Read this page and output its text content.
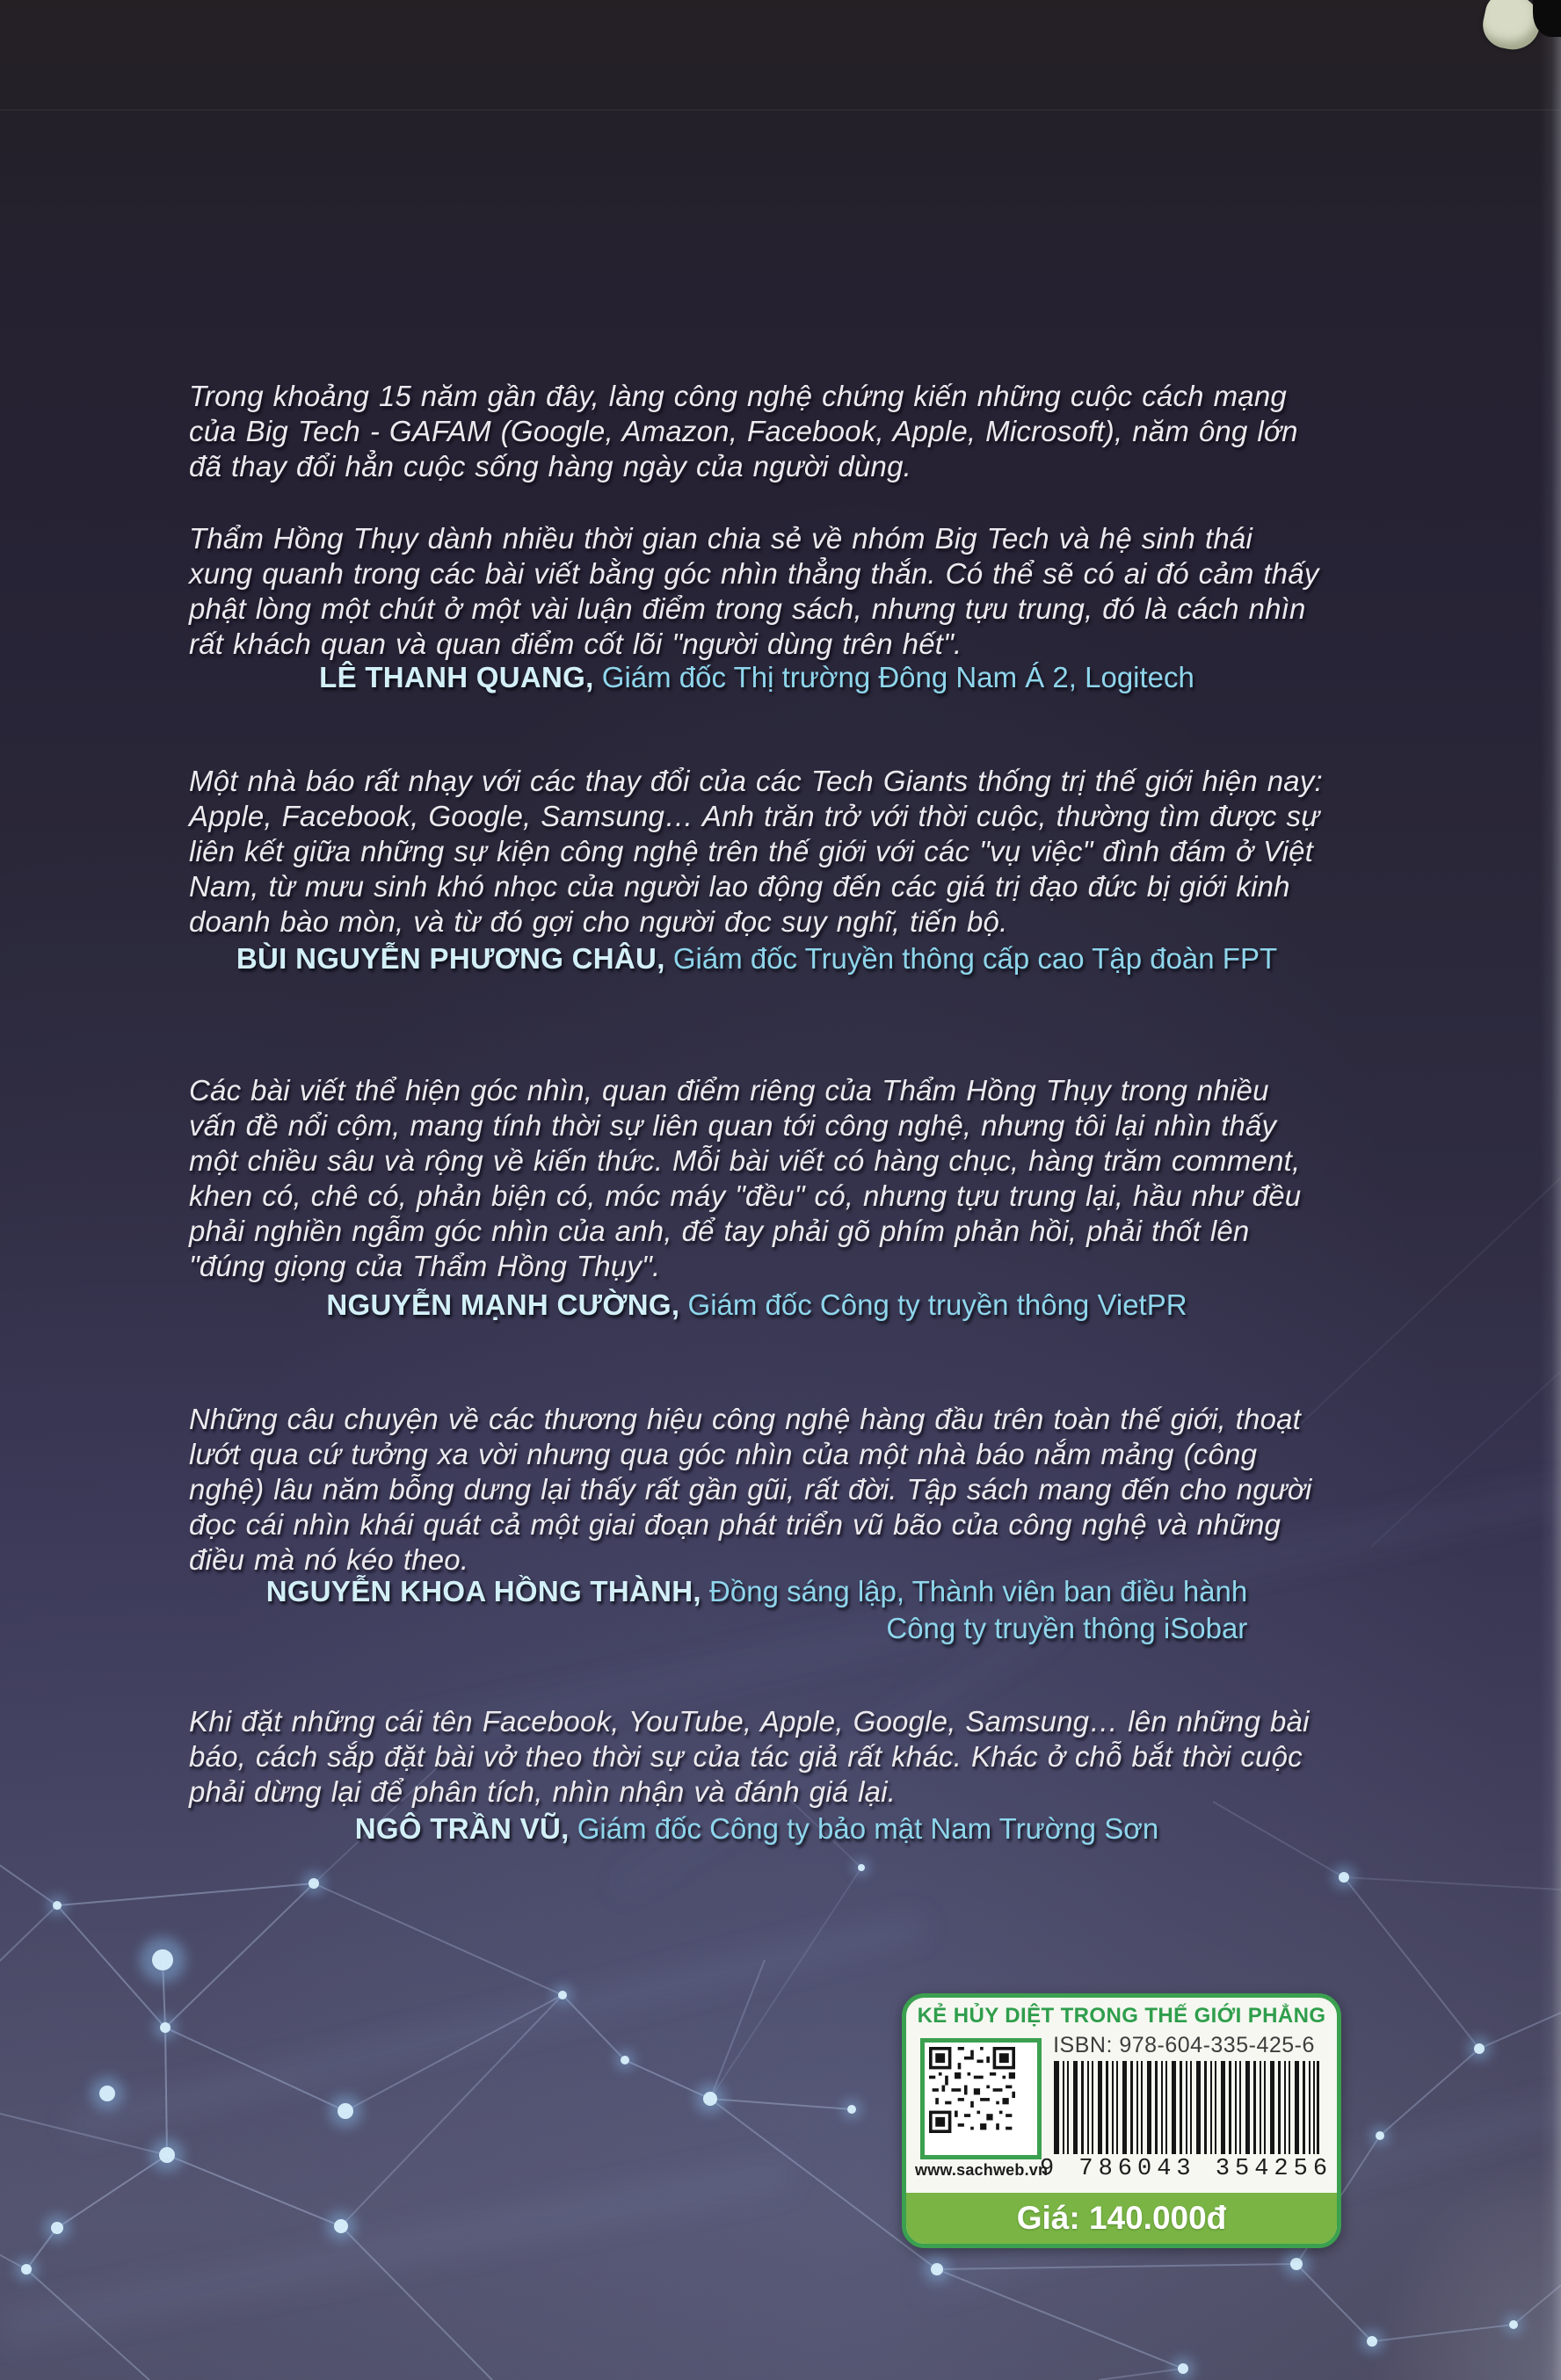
Trong khoảng 15 năm gần đây, làng công nghệ chứng kiến những cuộc cách mạng của Big Tech - GAFAM (Google, Amazon, Facebook, Apple, Microsoft), năm ông lớn đã thay đổi hẳn cuộc sống hàng ngày của người dùng.

Thẩm Hồng Thụy dành nhiều thời gian chia sẻ về nhóm Big Tech và hệ sinh thái xung quanh trong các bài viết bằng góc nhìn thẳng thắn. Có thể sẽ có ai đó cảm thấy phật lòng một chút ở một vài luận điểm trong sách, nhưng tựu trung, đó là cách nhìn rất khách quan và quan điểm cốt lõi "người dùng trên hết".

LÊ THANH QUANG, Giám đốc Thị trường Đông Nam Á 2, Logitech

Một nhà báo rất nhạy với các thay đổi của các Tech Giants thống trị thế giới hiện nay: Apple, Facebook, Google, Samsung… Anh trăn trở với thời cuộc, thường tìm được sự liên kết giữa những sự kiện công nghệ trên thế giới với các "vụ việc" đình đám ở Việt Nam, từ mưu sinh khó nhọc của người lao động đến các giá trị đạo đức bị giới kinh doanh bào mòn, và từ đó gợi cho người đọc suy nghĩ, tiến bộ.

BÙI NGUYỄN PHƯƠNG CHÂU, Giám đốc Truyền thông cấp cao Tập đoàn FPT

Các bài viết thể hiện góc nhìn, quan điểm riêng của Thẩm Hồng Thụy trong nhiều vấn đề nổi cộm, mang tính thời sự liên quan tới công nghệ, nhưng tôi lại nhìn thấy một chiều sâu và rộng về kiến thức. Mỗi bài viết có hàng chục, hàng trăm comment, khen có, chê có, phản biện có, móc máy "đều" có, nhưng tựu trung lại, hầu như đều phải nghiền ngẫm góc nhìn của anh, để tay phải gõ phím phản hồi, phải thốt lên "đúng giọng của Thẩm Hồng Thụy".

NGUYỄN MẠNH CƯỜNG, Giám đốc Công ty truyền thông VietPR

Những câu chuyện về các thương hiệu công nghệ hàng đầu trên toàn thế giới, thoạt lướt qua cứ tưởng xa vời nhưng qua góc nhìn của một nhà báo nắm mảng (công nghệ) lâu năm bỗng dưng lại thấy rất gần gũi, rất đời. Tập sách mang đến cho người đọc cái nhìn khái quát cả một giai đoạn phát triển vũ bão của công nghệ và những điều mà nó kéo theo.

NGUYỄN KHOA HỒNG THÀNH, Đồng sáng lập, Thành viên ban điều hành
Công ty truyền thông iSobar

Khi đặt những cái tên Facebook, YouTube, Apple, Google, Samsung… lên những bài báo, cách sắp đặt bài vở theo thời sự của tác giả rất khác. Khác ở chỗ bắt thời cuộc phải dừng lại để phân tích, nhìn nhận và đánh giá lại.

NGÔ TRẦN VŨ, Giám đốc Công ty bảo mật Nam Trường Sơn
KẺ HỦY DIỆT TRONG THẾ GIỚI PHẲNG
www.sachweb.vn
ISBN: 978-604-335-425-6
9 786043 354256
Giá: 140.000đ
